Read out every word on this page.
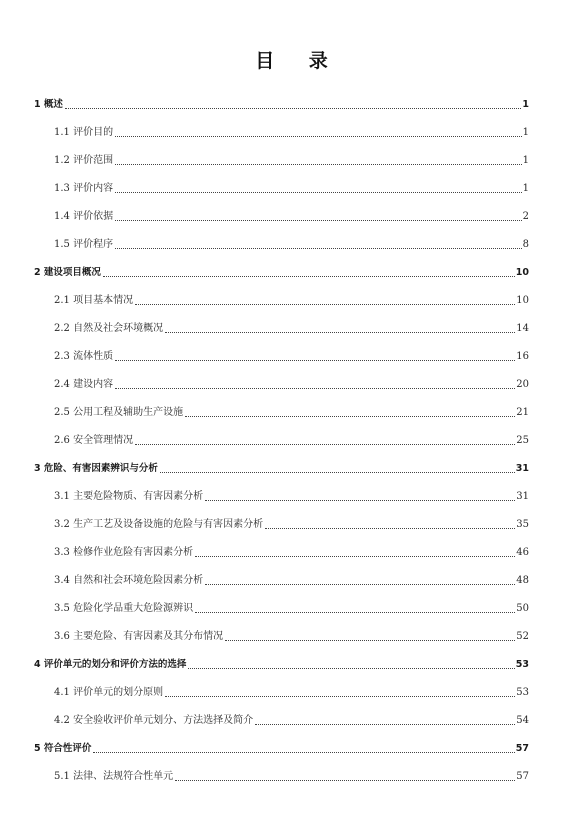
目 录
1 概述	1
1.1 评价目的	1
1.2 评价范围	1
1.3 评价内容	1
1.4 评价依据	2
1.5 评价程序	8
2 建设项目概况	10
2.1 项目基本情况	10
2.2 自然及社会环境概况	14
2.3 流体性质	16
2.4 建设内容	20
2.5 公用工程及辅助生产设施	21
2.6 安全管理情况	25
3 危险、有害因素辨识与分析	31
3.1 主要危险物质、有害因素分析	31
3.2 生产工艺及设备设施的危险与有害因素分析	35
3.3 检修作业危险有害因素分析	46
3.4 自然和社会环境危险因素分析	48
3.5 危险化学品重大危险源辨识	50
3.6 主要危险、有害因素及其分布情况	52
4 评价单元的划分和评价方法的选择	53
4.1 评价单元的划分原则	53
4.2 安全验收评价单元划分、方法选择及简介	54
5 符合性评价	57
5.1 法律、法规符合性单元	57
